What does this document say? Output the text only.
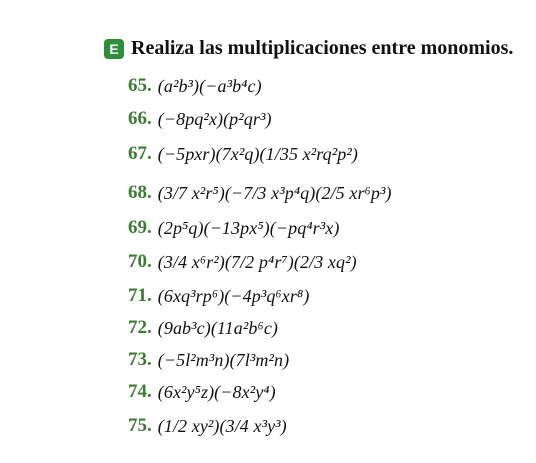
E Realiza las multiplicaciones entre monomios.
65. (a²b³)(−a³b⁴c)
66. (−8pq²x)(p²qr³)
67. (−5pxr)(7x²q)(1/35 x²rq²p²)
68. (3/7 x²r⁵)(−7/3 x³p⁴q)(2/5 xr⁶p³)
69. (2p⁵q)(−13px⁵)(−pq⁴r³x)
70. (3/4 x⁶r²)(7/2 p⁴r⁷)(2/3 xq²)
71. (6xq³rp⁶)(−4p³q⁶xr⁸)
72. (9ab³c)(11a²b⁶c)
73. (−5l²m³n)(7l³m²n)
74. (6x²y⁵z)(−8x²y⁴)
75. (1/2 xy²)(3/4 x³y³)
